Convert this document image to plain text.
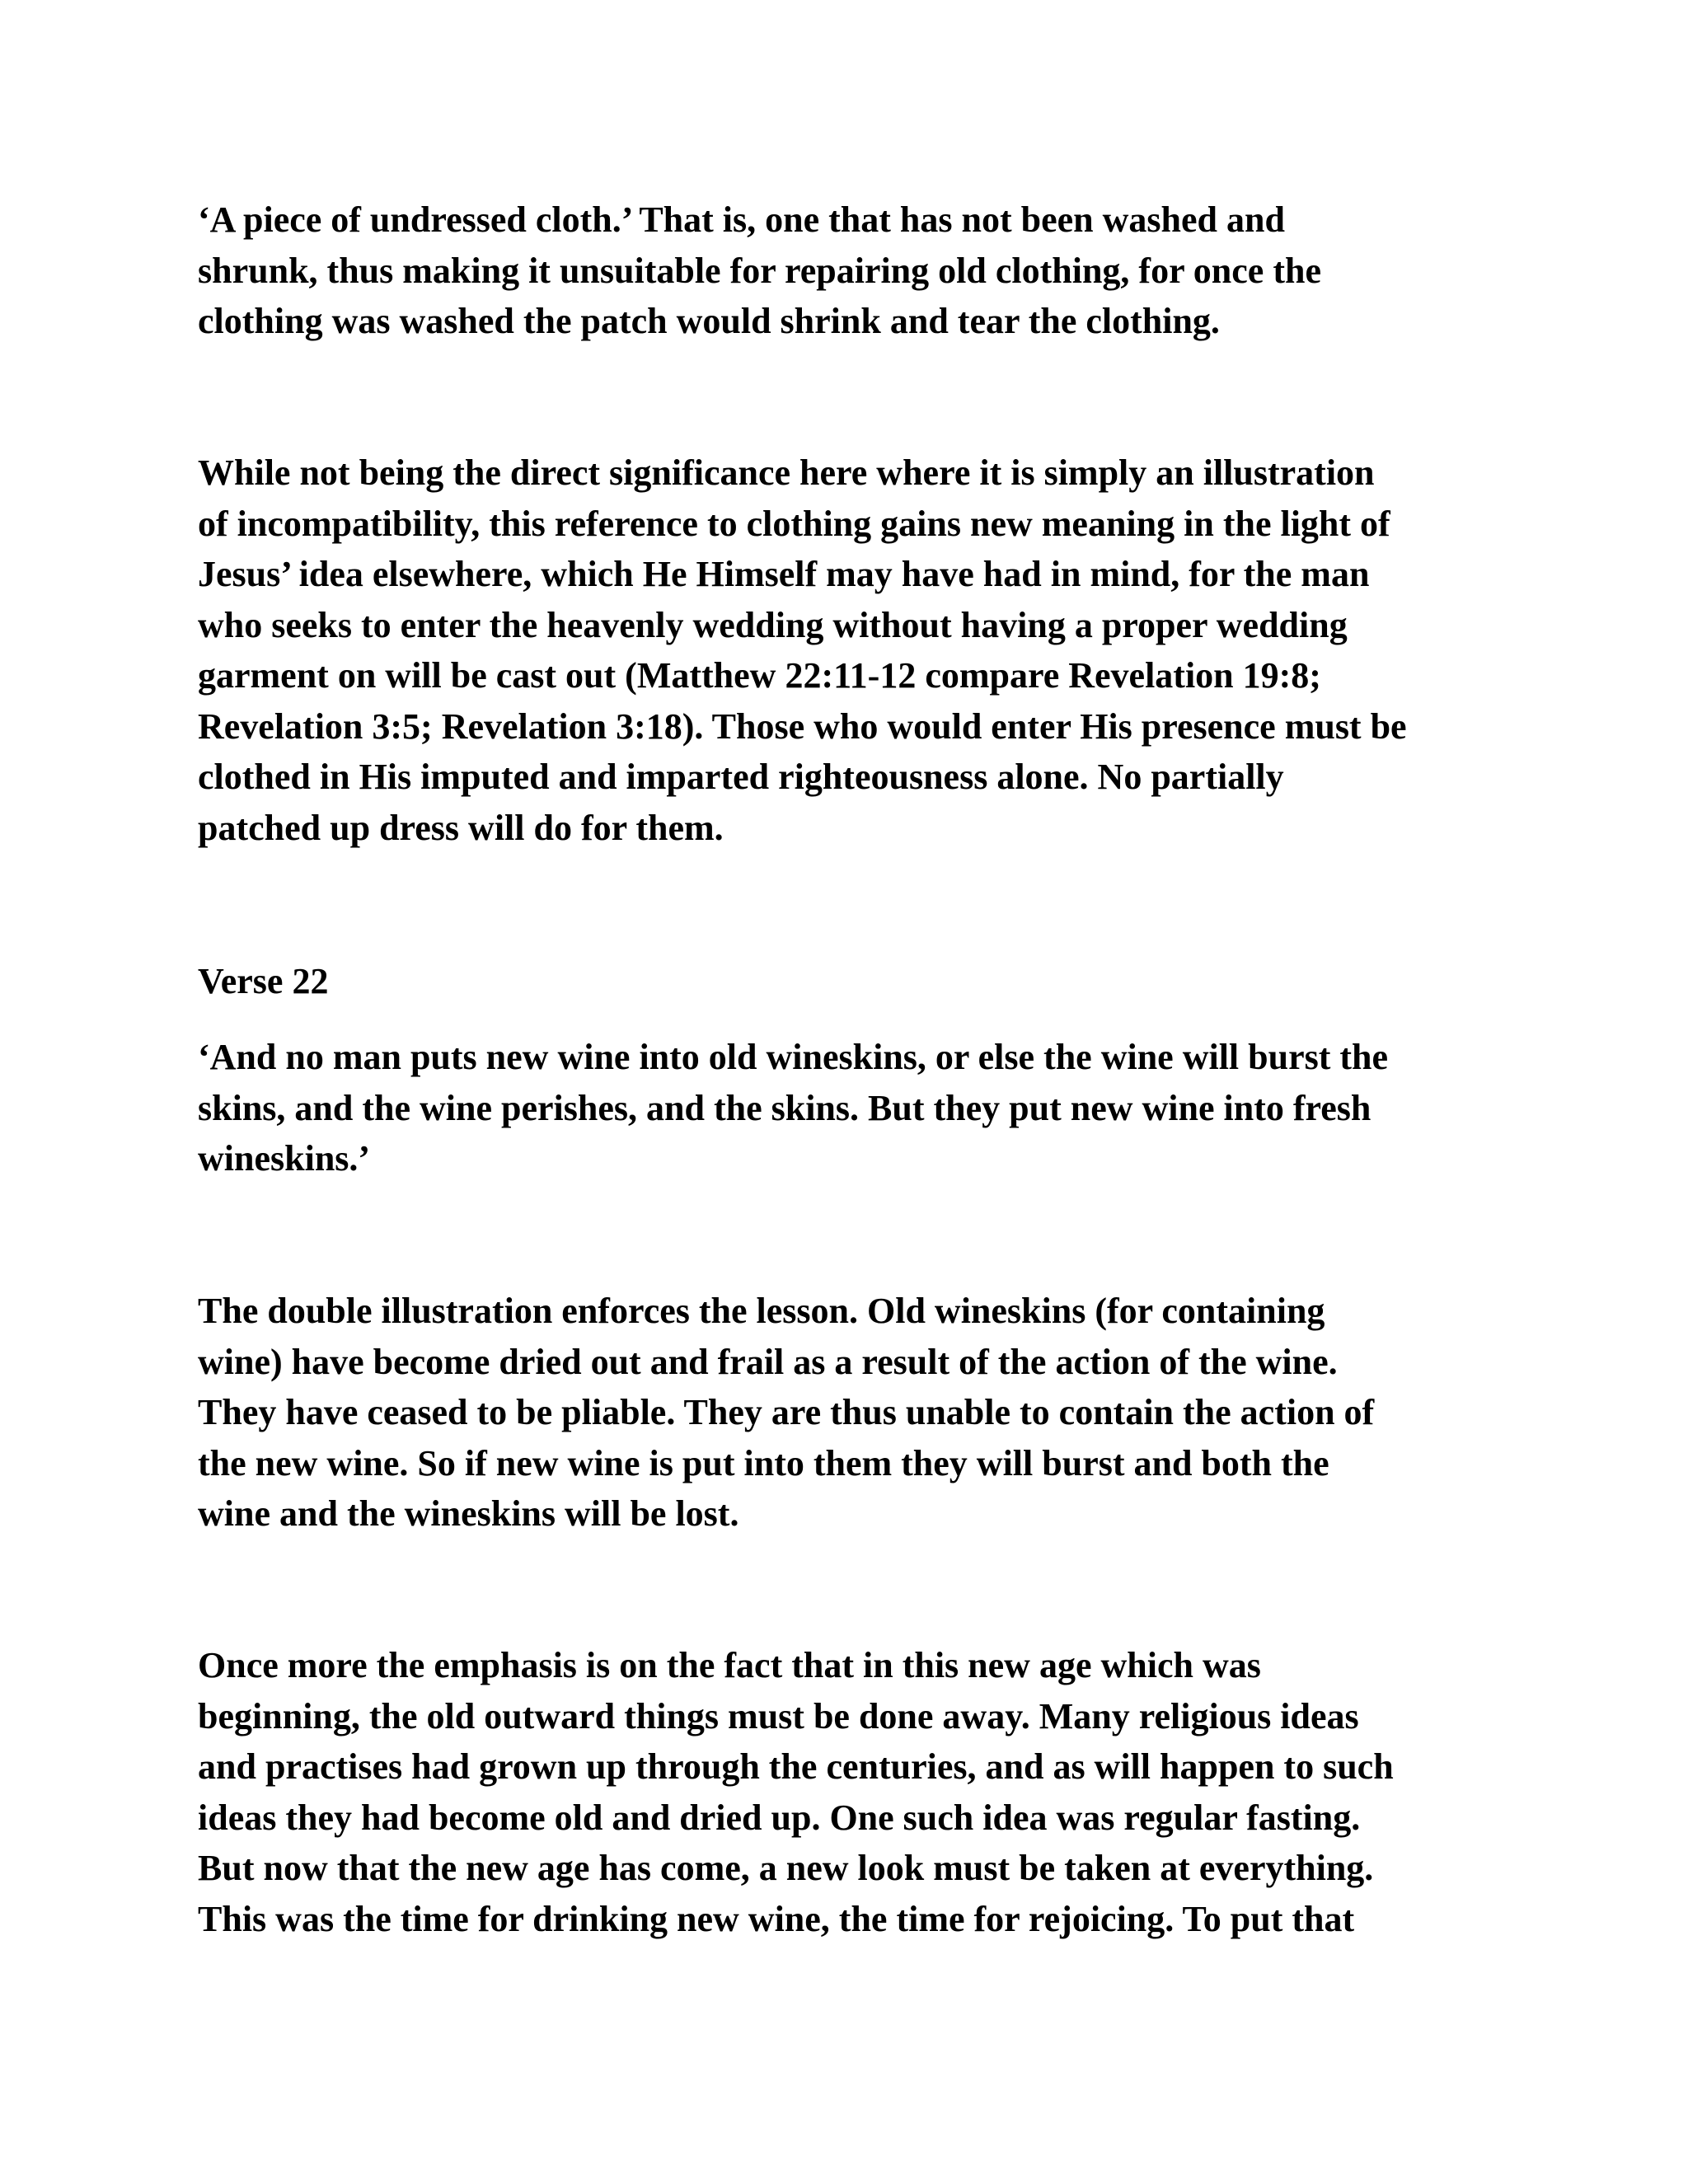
‘A piece of undressed cloth.’ That is, one that has not been washed and
shrunk, thus making it unsuitable for repairing old clothing, for once the
clothing was washed the patch would shrink and tear the clothing.

While not being the direct significance here where it is simply an illustration
of incompatibility, this reference to clothing gains new meaning in the light of
Jesus’ idea elsewhere, which He Himself may have had in mind, for the man
who seeks to enter the heavenly wedding without having a proper wedding
garment on will be cast out (Matthew 22:11-12 compare Revelation 19:8;
Revelation 3:5; Revelation 3:18). Those who would enter His presence must be
clothed in His imputed and imparted righteousness alone. No partially
patched up dress will do for them.

Verse 22

‘And no man puts new wine into old wineskins, or else the wine will burst the
skins, and the wine perishes, and the skins. But they put new wine into fresh
wineskins.’

The double illustration enforces the lesson. Old wineskins (for containing
wine) have become dried out and frail as a result of the action of the wine.
They have ceased to be pliable. They are thus unable to contain the action of
the new wine. So if new wine is put into them they will burst and both the
wine and the wineskins will be lost.

Once more the emphasis is on the fact that in this new age which was
beginning, the old outward things must be done away. Many religious ideas
and practises had grown up through the centuries, and as will happen to such
ideas they had become old and dried up. One such idea was regular fasting.
But now that the new age has come, a new look must be taken at everything.
This was the time for drinking new wine, the time for rejoicing. To put that
